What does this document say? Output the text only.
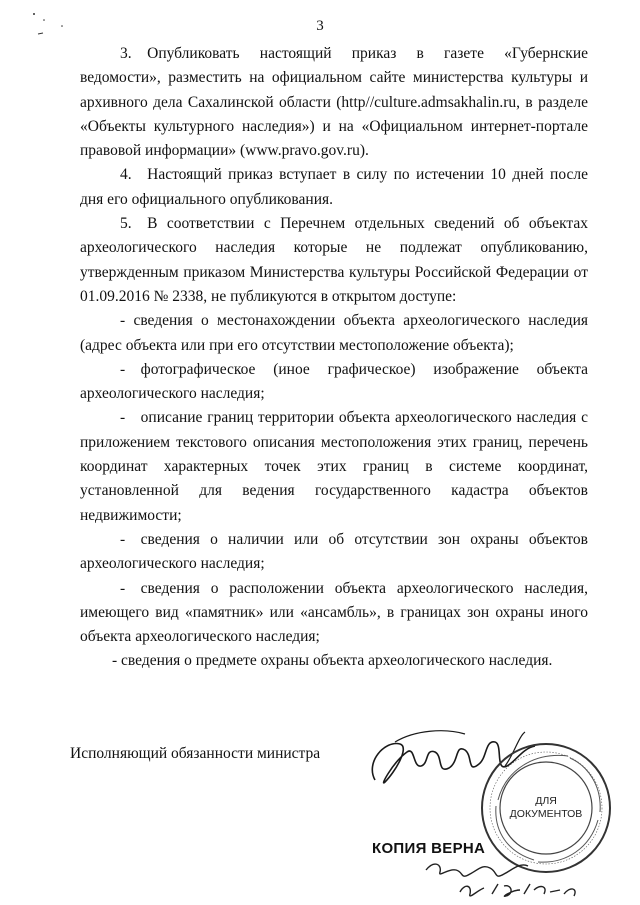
3

3. Опубликовать настоящий приказ в газете «Губернские ведомости», разместить на официальном сайте министерства культуры и архивного дела Сахалинской области (http//culture.admsakhalin.ru, в разделе «Объекты культурного наследия») и на «Официальном интернет-портале правовой информации» (www.pravo.gov.ru).

4. Настоящий приказ вступает в силу по истечении 10 дней после дня его официального опубликования.

5. В соответствии с Перечнем отдельных сведений об объектах археологического наследия которые не подлежат опубликованию, утвержденным приказом Министерства культуры Российской Федерации от 01.09.2016 № 2338, не публикуются в открытом доступе:

- сведения о местонахождении объекта археологического наследия (адрес объекта или при его отсутствии местоположение объекта);

- фотографическое (иное графическое) изображение объекта археологического наследия;

- описание границ территории объекта археологического наследия с приложением текстового описания местоположения этих границ, перечень координат характерных точек этих границ в системе координат, установленной для ведения государственного кадастра объектов недвижимости;

- сведения о наличии или об отсутствии зон охраны объектов археологического наследия;

- сведения о расположении объекта археологического наследия, имеющего вид «памятник» или «ансамбль», в границах зон охраны иного объекта археологического наследия;

- сведения о предмете охраны объекта археологического наследия.

Исполняющий обязанности министра
ДЛЯ
ДОКУМЕНТОВ
КОПИЯ ВЕРНА
